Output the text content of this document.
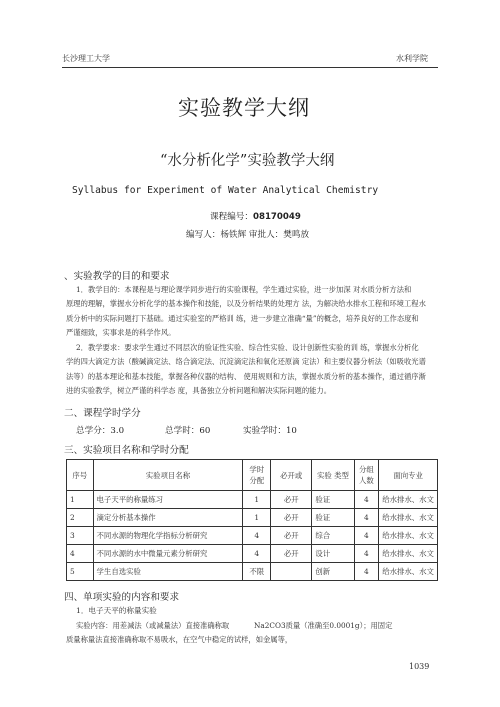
长沙理工大学	水利学院
实验教学大纲
“水分析化学”实验教学大纲
Syllabus for Experiment of Water Analytical Chemistry
课程编号：08170049
编写人：杨铁辉 审批人：樊鸣放
、实验教学的目的和要求
1．教学目的：本课程是与理论课学同步进行的实验课程，学生通过实验，进一步加深 对水质分析方法和
原理的理解，掌握水分析化学的基本操作和技能，以及分析结果的处理方 法，为解决给水排水工程和环境工程水
质分析中的实际问题打下基础。通过实验室的严格训 练，进一步建立准确“量”的概念，培养良好的工作态度和
严谨细致，实事求是的科学作风。
2．教学要求：要求学生通过不同层次的验证性实验、综合性实验、设计创新性实验的训 练，掌握水分析化
学的四大滴定方法（酸碱滴定法、络合滴定法、沉淀滴定法和氧化还原滴 定法）和主要仪器分析法（如吸收光谱
法等）的基本理论和基本技能，掌握各种仪器的结构、 使用规则和方法，掌握水质分析的基本操作，通过循序渐
进的实验教学，树立严谨的科学态 度，具备独立分析问题和解决实际问题的能力。
二、课程学时学分
总学分：3.0	总学时：60	实验学时：10
三、实验项目名称和学时分配
序号	实验项目名称	学时 分配	必开或	实验 类型	分组 人数	面向专业
1	电子天平的称量练习	1	必开	验证	4	给水排水、水文
2	滴定分析基本操作	1	必开	验证	4	给水排水、水文
3	不同水源的物理化学指标分析研究	4	必开	综合	4	给水排水、水文
4	不同水源的水中微量元素分析研究	4	必开	设计	4	给水排水、水文
5	学生自选实验	不限		创新	4	给水排水、水文
四、单项实验的内容和要求
1．电子天平的称量实验
实验内容：用差减法（或减量法）直接准确称取	Na2CO3质量（准确至0.0001g）；用固定
质量称量法直接准确称取不易吸水，在空气中稳定的试样，如金属等，
1039
